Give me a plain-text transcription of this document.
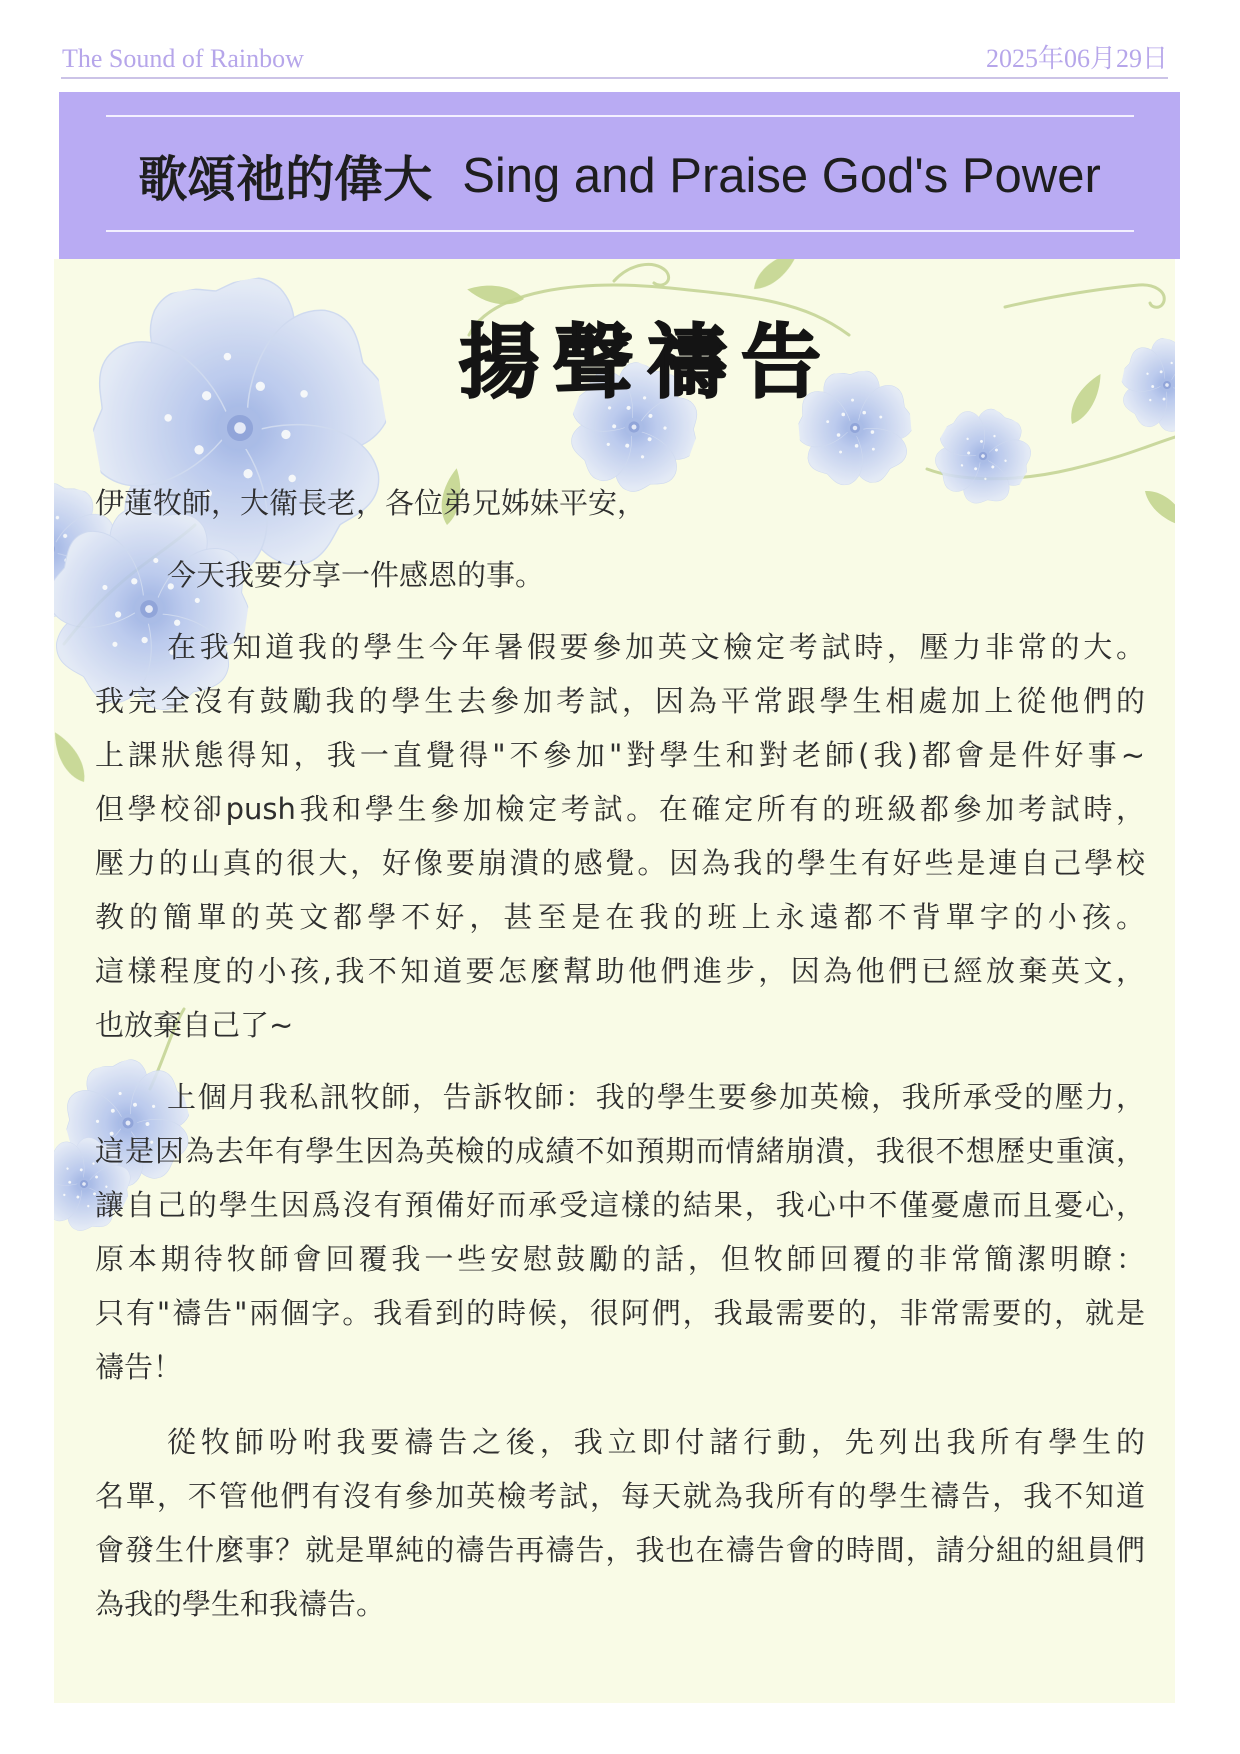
The Sound of Rainbow	2025年06月29日
歌頌祂的偉大 Sing and Praise God's Power
揚聲禱告

伊蓮牧師，大衛長老，各位弟兄姊妹平安，

今天我要分享一件感恩的事。
在我知道我的學生今年暑假要參加英文檢定考試時，壓力非常的大。
我完全沒有鼓勵我的學生去參加考試，因為平常跟學生相處加上從他們的
上課狀態得知，我一直覺得"不參加"對學生和對老師(我)都會是件好事~
但學校卻push我和學生參加檢定考試。在確定所有的班級都參加考試時，
壓力的山真的很大，好像要崩潰的感覺。因為我的學生有好些是連自己學校
教的簡單的英文都學不好，甚至是在我的班上永遠都不背單字的小孩。
這樣程度的小孩,我不知道要怎麼幫助他們進步，因為他們已經放棄英文，
也放棄自己了~
上個月我私訊牧師，告訴牧師：我的學生要參加英檢，我所承受的壓力，
這是因為去年有學生因為英檢的成績不如預期而情緒崩潰，我很不想歷史重演，
讓自己的學生因爲沒有預備好而承受這樣的結果，我心中不僅憂慮而且憂心，
原本期待牧師會回覆我一些安慰鼓勵的話，但牧師回覆的非常簡潔明瞭：
只有"禱告"兩個字。我看到的時候，很阿們，我最需要的，非常需要的，就是
禱告！
從牧師吩咐我要禱告之後，我立即付諸行動，先列出我所有學生的
名單，不管他們有沒有參加英檢考試，每天就為我所有的學生禱告，我不知道
會發生什麼事？就是單純的禱告再禱告，我也在禱告會的時間，請分組的組員們
為我的學生和我禱告。
